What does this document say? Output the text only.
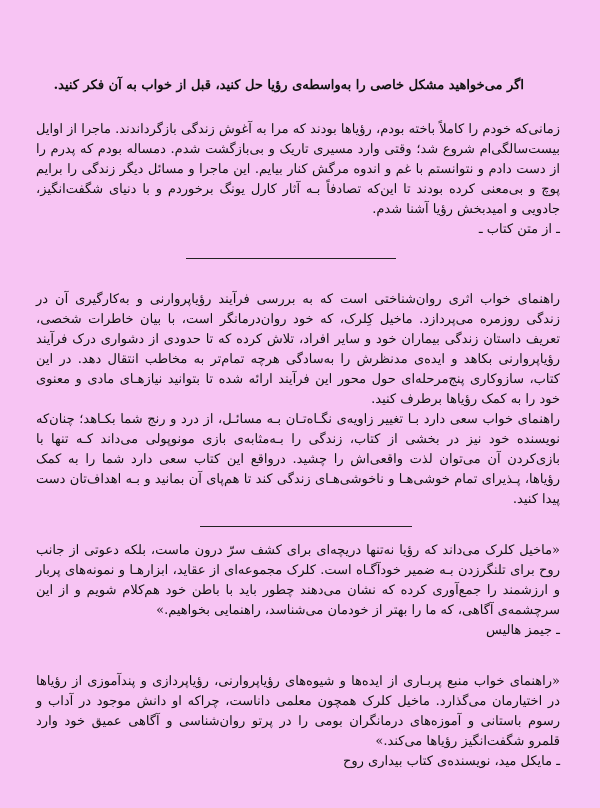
اگر می‌خواهید مشکل خاصی را به‌واسطه‌ی رؤیا حل کنید، قبل از خواب به آن فکر کنید.

زمانی‌که خودم را کاملاً باخته بودم، رؤیاها بودند که مرا به آغوش زندگی بازگرداندند. ماجرا از اوایل بیست‌سالگی‌ام شروع شد؛ وقتی وارد مسیری تاریک و بی‌بازگشت شدم. دمساله بودم که پدرم را از دست دادم و نتوانستم با غم و اندوه مرگش کنار بیایم. این ماجرا و مسائل دیگر زندگی را برایم پوچ و بی‌معنی کرده بودند تا این‌که تصادفاً بـه آثار کارل یونگ برخوردم و با دنیای شگفت‌انگیز، جادویی و امیدبخش رؤیا آشنا شدم.

ـ از متن کتاب ـ

راهنمای خواب اثری روان‌شناختی است که به بررسی فرآیند رؤیاپروارنی و به‌کارگیری آن در زندگی روزمره می‌پردازد. ماخیل کِلرک، که خود روان‌درمانگر است، با بیان خاطرات شخصی، تعریف داستان زندگی بیماران خود و سایر افراد، تلاش کرده که تا حدودی از دشواری درک فرآیند رؤیاپروارنی بکاهد و ایده‌ی مدنظرش را به‌سادگی هرچه تمام‌تر به مخاطب انتقال دهد. در این کتاب، سازوکاری پنج‌مرحله‌ای حول محور این فرآیند ارائه شده تا بتوانید نیازهـای مادی و معنوی خود را به کمک رؤیاها برطرف کنید.

راهنمای خواب سعی دارد بـا تغییر زاویه‌ی نگـاه‌تـان بـه مسائـل، از درد و رنج شما بکـاهد؛ چنان‌که نویسنده خود نیز در بخشی از کتاب، زندگی را بـه‌مثابه‌ی بازی مونوپولی می‌داند کـه تنها با بازی‌کردن آن می‌توان لذت واقعی‌اش را چشید. درواقع این کتاب سعی دارد شما را به کمک رؤیاها، پـذیرای تمام خوشی‌هـا و ناخوشی‌هـای زندگی کند تا هم‌پای آن بمانید و بـه اهداف‌تان دست پیدا کنید.

«ماخیل کلرک می‌داند که رؤیا نه‌تنها دریچه‌ای برای کشف سرّ درون ماست، بلکه دعوتی از جانب روح برای تلنگرزدن بـه ضمیر خودآگـاه است. کلرک مجموعه‌ای از عقاید، ابزارهـا و نمونه‌های پربار و ارزشمند را جمع‌آوری کرده که نشان می‌دهند چطور باید با باطن خود هم‌کلام شویم و از این سرچشمه‌ی آگاهی، که ما را بهتر از خودمان می‌شناسد، راهنمایی بخواهیم.»

ـ جیمز هالیس

«راهنمای خواب منبع پربـاری از ایده‌ها و شیوه‌های رؤیاپروارنی، رؤیاپردازی و پندآموزی از رؤیاها در اختیارمان می‌گذارد. ماخیل کلرک همچون معلمی داناست، چراکه او دانش موجود در آداب و رسوم باستانی و آموزه‌های درمانگران بومی را در پرتو روان‌شناسی و آگاهی عمیق خود وارد قلمرو شگفت‌انگیز رؤیاها می‌کند.»

ـ مایکل مید، نویسنده‌ی کتاب بیداری روح
